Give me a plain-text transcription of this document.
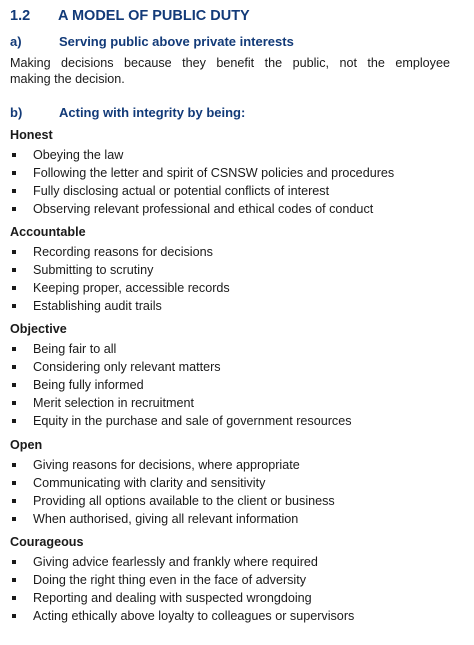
1.2 A MODEL OF PUBLIC DUTY
a)	Serving public above private interests
Making decisions because they benefit the public, not the employee
making the decision.
b)	Acting with integrity by being:
Honest
Obeying the law
Following the letter and spirit of CSNSW policies and procedures
Fully disclosing actual or potential conflicts of interest
Observing relevant professional and ethical codes of conduct
Accountable
Recording reasons for decisions
Submitting to scrutiny
Keeping proper, accessible records
Establishing audit trails
Objective
Being fair to all
Considering only relevant matters
Being fully informed
Merit selection in recruitment
Equity in the purchase and sale of government resources
Open
Giving reasons for decisions, where appropriate
Communicating with clarity and sensitivity
Providing all options available to the client or business
When authorised, giving all relevant information
Courageous
Giving advice fearlessly and frankly where required
Doing the right thing even in the face of adversity
Reporting and dealing with suspected wrongdoing
Acting ethically above loyalty to colleagues or supervisors
